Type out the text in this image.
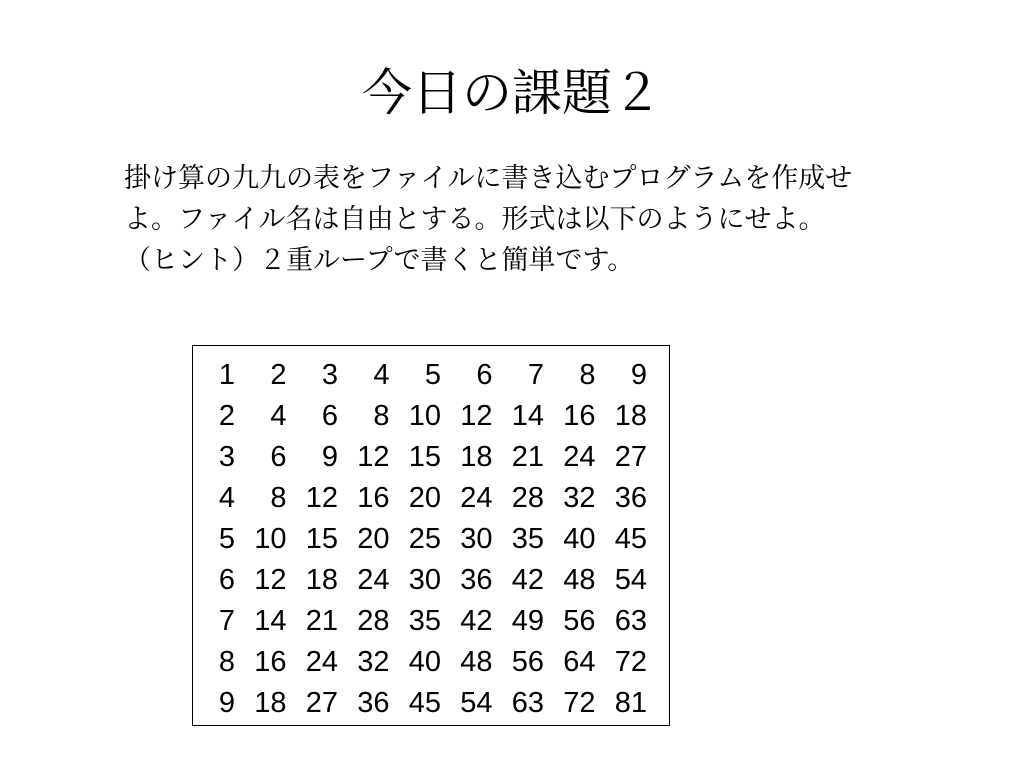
今日の課題２

掛け算の九九の表をファイルに書き込むプログラムを作成せよ。ファイル名は自由とする。形式は以下のようにせよ。

（ヒント）２重ループで書くと簡単です。

1	2	3	4	5	6	7	8	9
2	4	6	8	10	12	14	16	18
3	6	9	12	15	18	21	24	27
4	8	12	16	20	24	28	32	36
5	10	15	20	25	30	35	40	45
6	12	18	24	30	36	42	48	54
7	14	21	28	35	42	49	56	63
8	16	24	32	40	48	56	64	72
9	18	27	36	45	54	63	72	81
